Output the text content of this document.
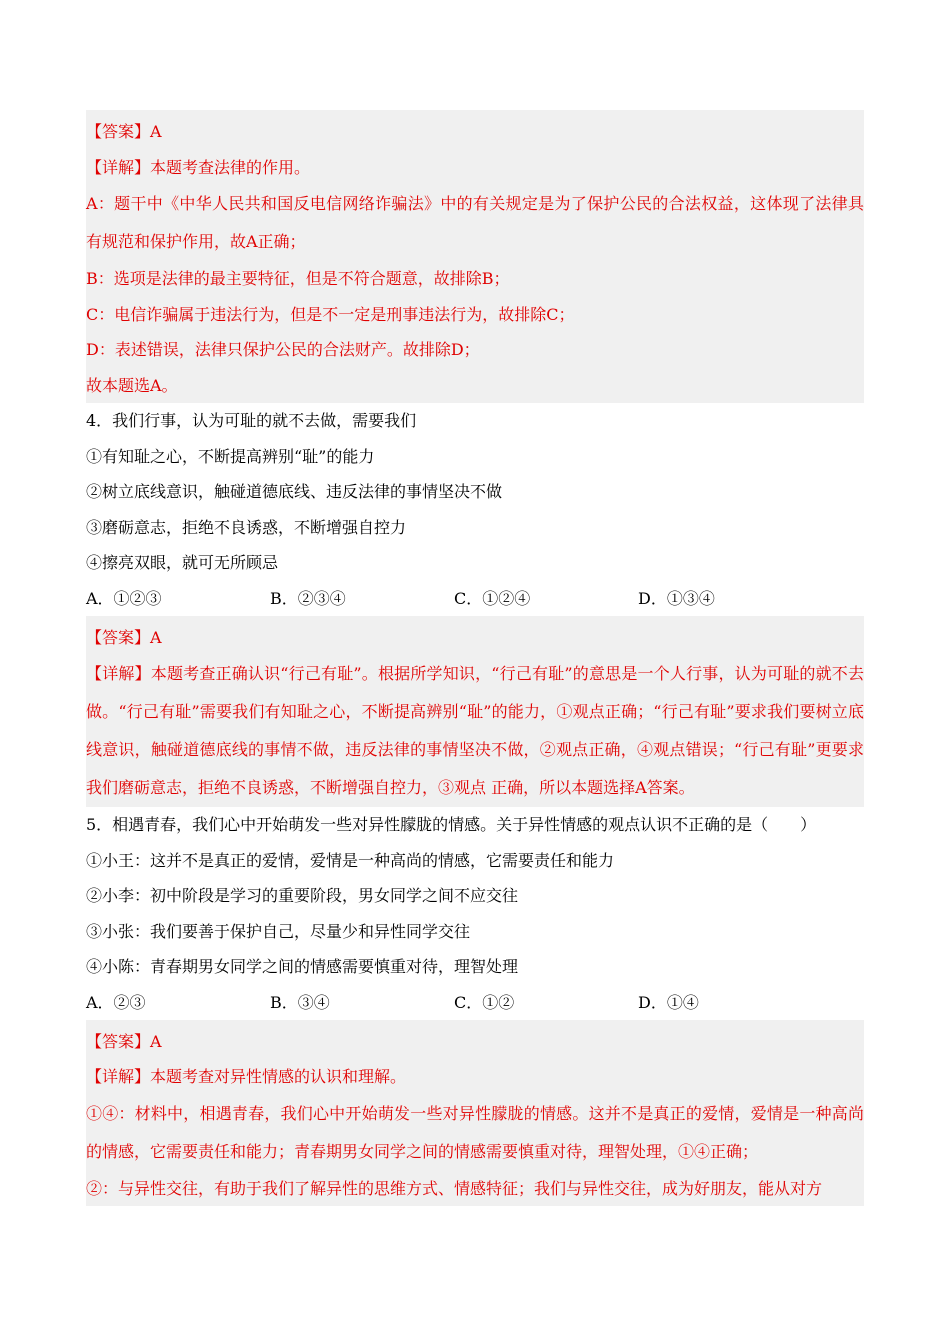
【答案】A

【详解】本题考查法律的作用。

A：题干中《中华人民共和国反电信网络诈骗法》中的有关规定是为了保护公民的合法权益，这体现了法律具有规范和保护作用，故A正确；

B：选项是法律的最主要特征，但是不符合题意，故排除B；

C：电信诈骗属于违法行为，但是不一定是刑事违法行为，故排除C；

D：表述错误，法律只保护公民的合法财产。故排除D；

故本题选A。

4．我们行事，认为可耻的就不去做，需要我们

①有知耻之心，不断提高辨别“耻”的能力

②树立底线意识，触碰道德底线、违反法律的事情坚决不做

③磨砺意志，拒绝不良诱惑，不断增强自控力

④擦亮双眼，就可无所顾忌

A．①②③	B．②③④	C．①②④	D．①③④

【答案】A

【详解】本题考查正确认识“行己有耻”。根据所学知识，“行己有耻”的意思是一个人行事，认为可耻的就不去做。“行己有耻”需要我们有知耻之心，不断提高辨别“耻”的能力，①观点正确；“行己有耻”要求我们要树立底线意识，触碰道德底线的事情不做，违反法律的事情坚决不做，②观点正确，④观点错误；“行己有耻”更要求我们磨砺意志，拒绝不良诱惑，不断增强自控力，③观点 正确，所以本题选择A答案。

5．相遇青春，我们心中开始萌发一些对异性朦胧的情感。关于异性情感的观点认识不正确的是（　　）

①小王：这并不是真正的爱情，爱情是一种高尚的情感，它需要责任和能力

②小李：初中阶段是学习的重要阶段，男女同学之间不应交往

③小张：我们要善于保护自己，尽量少和异性同学交往

④小陈：青春期男女同学之间的情感需要慎重对待，理智处理

A．②③	B．③④	C．①②	D．①④

【答案】A

【详解】本题考查对异性情感的认识和理解。

①④：材料中，相遇青春，我们心中开始萌发一些对异性朦胧的情感。这并不是真正的爱情，爱情是一种高尚的情感，它需要责任和能力；青春期男女同学之间的情感需要慎重对待，理智处理，①④正确；

②：与异性交往，有助于我们了解异性的思维方式、情感特征；我们与异性交往，成为好朋友，能从对方
